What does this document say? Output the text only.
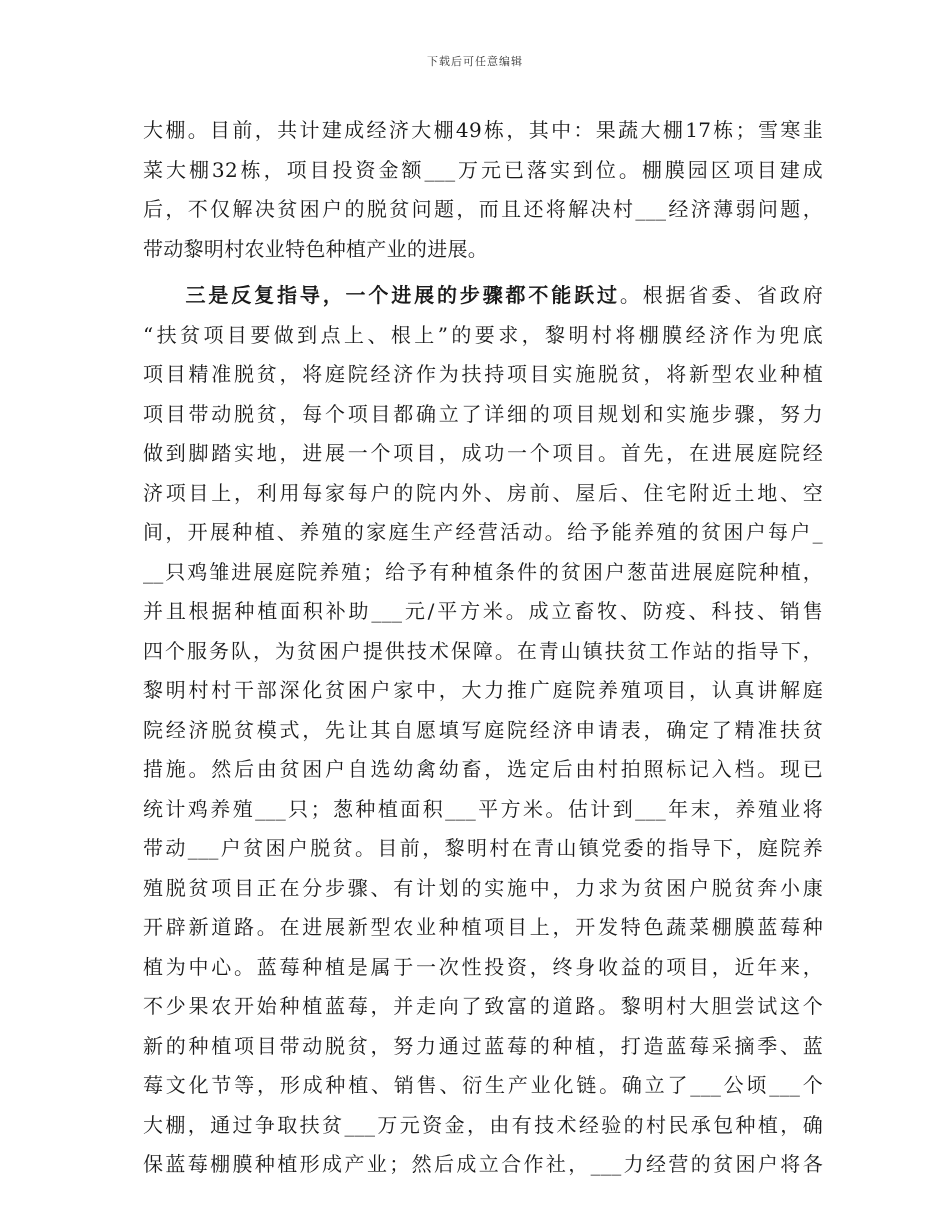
下载后可任意编辑
大棚。目前，共计建成经济大棚49栋，其中：果蔬大棚17栋；雪寒韭
菜大棚32栋，项目投资金额___万元已落实到位。棚膜园区项目建成
后，不仅解决贫困户的脱贫问题，而且还将解决村___经济薄弱问题，
带动黎明村农业特色种植产业的进展。
三是反复指导，一个进展的步骤都不能跃过。根据省委、省政府
“扶贫项目要做到点上、根上”的要求，黎明村将棚膜经济作为兜底
项目精准脱贫，将庭院经济作为扶持项目实施脱贫，将新型农业种植
项目带动脱贫，每个项目都确立了详细的项目规划和实施步骤，努力
做到脚踏实地，进展一个项目，成功一个项目。首先，在进展庭院经
济项目上，利用每家每户的院内外、房前、屋后、住宅附近土地、空
间，开展种植、养殖的家庭生产经营活动。给予能养殖的贫困户每户_
__只鸡雏进展庭院养殖；给予有种植条件的贫困户葱苗进展庭院种植，
并且根据种植面积补助___元/平方米。成立畜牧、防疫、科技、销售
四个服务队，为贫困户提供技术保障。在青山镇扶贫工作站的指导下，
黎明村村干部深化贫困户家中，大力推广庭院养殖项目，认真讲解庭
院经济脱贫模式，先让其自愿填写庭院经济申请表，确定了精准扶贫
措施。然后由贫困户自选幼禽幼畜，选定后由村拍照标记入档。现已
统计鸡养殖___只；葱种植面积___平方米。估计到___年末，养殖业将
带动___户贫困户脱贫。目前，黎明村在青山镇党委的指导下，庭院养
殖脱贫项目正在分步骤、有计划的实施中，力求为贫困户脱贫奔小康
开辟新道路。在进展新型农业种植项目上，开发特色蔬菜棚膜蓝莓种
植为中心。蓝莓种植是属于一次性投资，终身收益的项目，近年来，
不少果农开始种植蓝莓，并走向了致富的道路。黎明村大胆尝试这个
新的种植项目带动脱贫，努力通过蓝莓的种植，打造蓝莓采摘季、蓝
莓文化节等，形成种植、销售、衍生产业化链。确立了___公顷___个
大棚，通过争取扶贫___万元资金，由有技术经验的村民承包种植，确
保蓝莓棚膜种植形成产业；然后成立合作社，___力经营的贫困户将各
